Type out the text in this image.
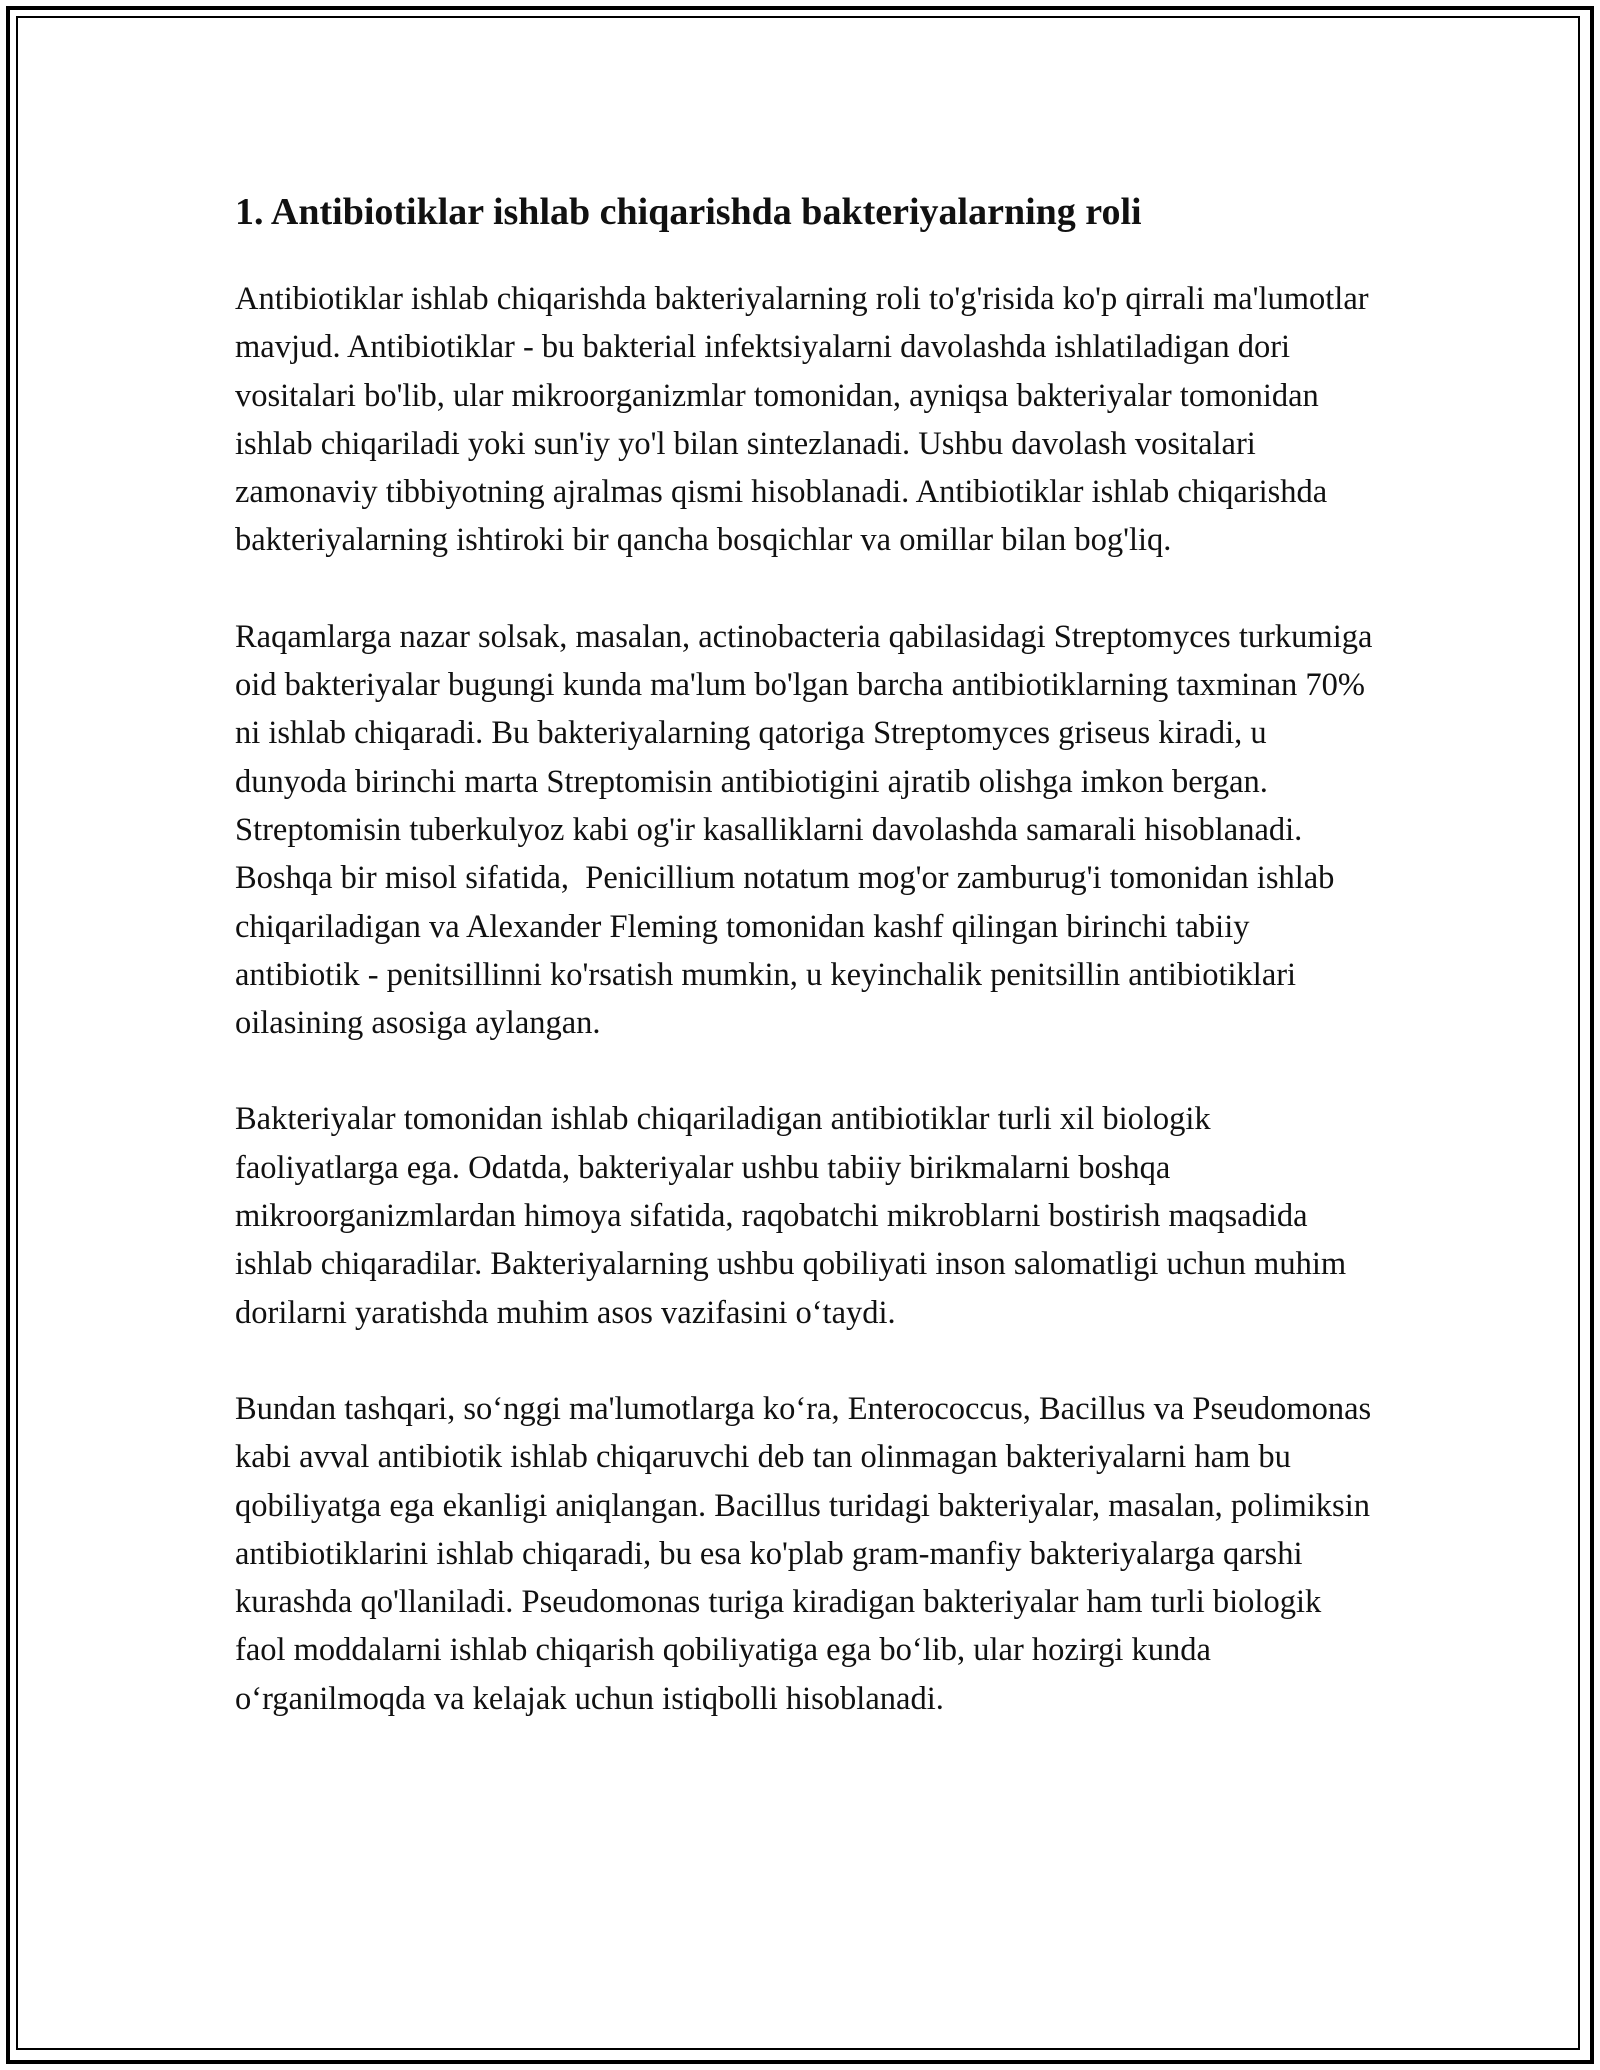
1. Antibiotiklar ishlab chiqarishda bakteriyalarning roli

Antibiotiklar ishlab chiqarishda bakteriyalarning roli to'g'risida ko'p qirrali ma'lumotlar mavjud. Antibiotiklar - bu bakterial infektsiyalarni davolashda ishlatiladigan dori vositalari bo'lib, ular mikroorganizmlar tomonidan, ayniqsa bakteriyalar tomonidan ishlab chiqariladi yoki sun'iy yo'l bilan sintezlanadi. Ushbu davolash vositalari zamonaviy tibbiyotning ajralmas qismi hisoblanadi. Antibiotiklar ishlab chiqarishda bakteriyalarning ishtiroki bir qancha bosqichlar va omillar bilan bog'liq.

Raqamlarga nazar solsak, masalan, actinobacteria qabilasidagi Streptomyces turkumiga oid bakteriyalar bugungi kunda ma'lum bo'lgan barcha antibiotiklarning taxminan 70% ni ishlab chiqaradi. Bu bakteriyalarning qatoriga Streptomyces griseus kiradi, u dunyoda birinchi marta Streptomisin antibiotigini ajratib olishga imkon bergan. Streptomisin tuberkulyoz kabi og'ir kasalliklarni davolashda samarali hisoblanadi. Boshqa bir misol sifatida,  Penicillium notatum mog'or zamburug'i tomonidan ishlab chiqariladigan va Alexander Fleming tomonidan kashf qilingan birinchi tabiiy antibiotik - penitsillinni ko'rsatish mumkin, u keyinchalik penitsillin antibiotiklari oilasining asosiga aylangan.

Bakteriyalar tomonidan ishlab chiqariladigan antibiotiklar turli xil biologik faoliyatlarga ega. Odatda, bakteriyalar ushbu tabiiy birikmalarni boshqa mikroorganizmlardan himoya sifatida, raqobatchi mikroblarni bostirish maqsadida ishlab chiqaradilar. Bakteriyalarning ushbu qobiliyati inson salomatligi uchun muhim dorilarni yaratishda muhim asos vazifasini o‘taydi.

Bundan tashqari, so‘nggi ma'lumotlarga ko‘ra, Enterococcus, Bacillus va Pseudomonas kabi avval antibiotik ishlab chiqaruvchi deb tan olinmagan bakteriyalarni ham bu qobiliyatga ega ekanligi aniqlangan. Bacillus turidagi bakteriyalar, masalan, polimiksin antibiotiklarini ishlab chiqaradi, bu esa ko'plab gram-manfiy bakteriyalarga qarshi kurashda qo'llaniladi. Pseudomonas turiga kiradigan bakteriyalar ham turli biologik faol moddalarni ishlab chiqarish qobiliyatiga ega bo‘lib, ular hozirgi kunda o‘rganilmoqda va kelajak uchun istiqbolli hisoblanadi.
